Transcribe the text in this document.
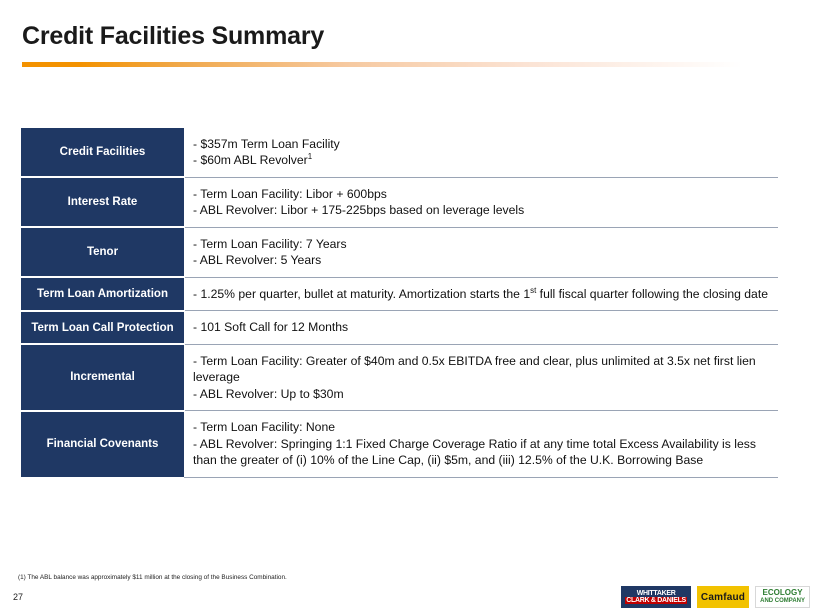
Credit Facilities Summary
Credit Facilities	- $357m Term Loan Facility
- $60m ABL Revolver$^1$

Interest Rate	- Term Loan Facility: Libor + 600bps
- ABL Revolver: Libor + 175-225bps based on leverage levels

Tenor	- Term Loan Facility: 7 Years
- ABL Revolver: 5 Years

Term Loan Amortization	- 1.25% per quarter, bullet at maturity. Amortization starts the 1st full fiscal quarter following the closing date

Term Loan Call Protection	- 101 Soft Call for 12 Months

Incremental	- Term Loan Facility: Greater of $40m and 0.5x EBITDA free and clear, plus unlimited at 3.5x net first lien leverage
- ABL Revolver: Up to $30m

Financial Covenants	- Term Loan Facility: None
- ABL Revolver: Springing 1:1 Fixed Charge Coverage Ratio if at any time total Excess Availability is less than the greater of (i) 10% of the Line Cap, (ii) $5m, and (iii) 12.5% of the U.K. Borrowing Base
(1) The ABL balance was approximately $11 million at the closing of the Business Combination.
27	WHITTAKER
CLARK & DANIELS	Camfaud	ECOLOGY
AND COMPANY
